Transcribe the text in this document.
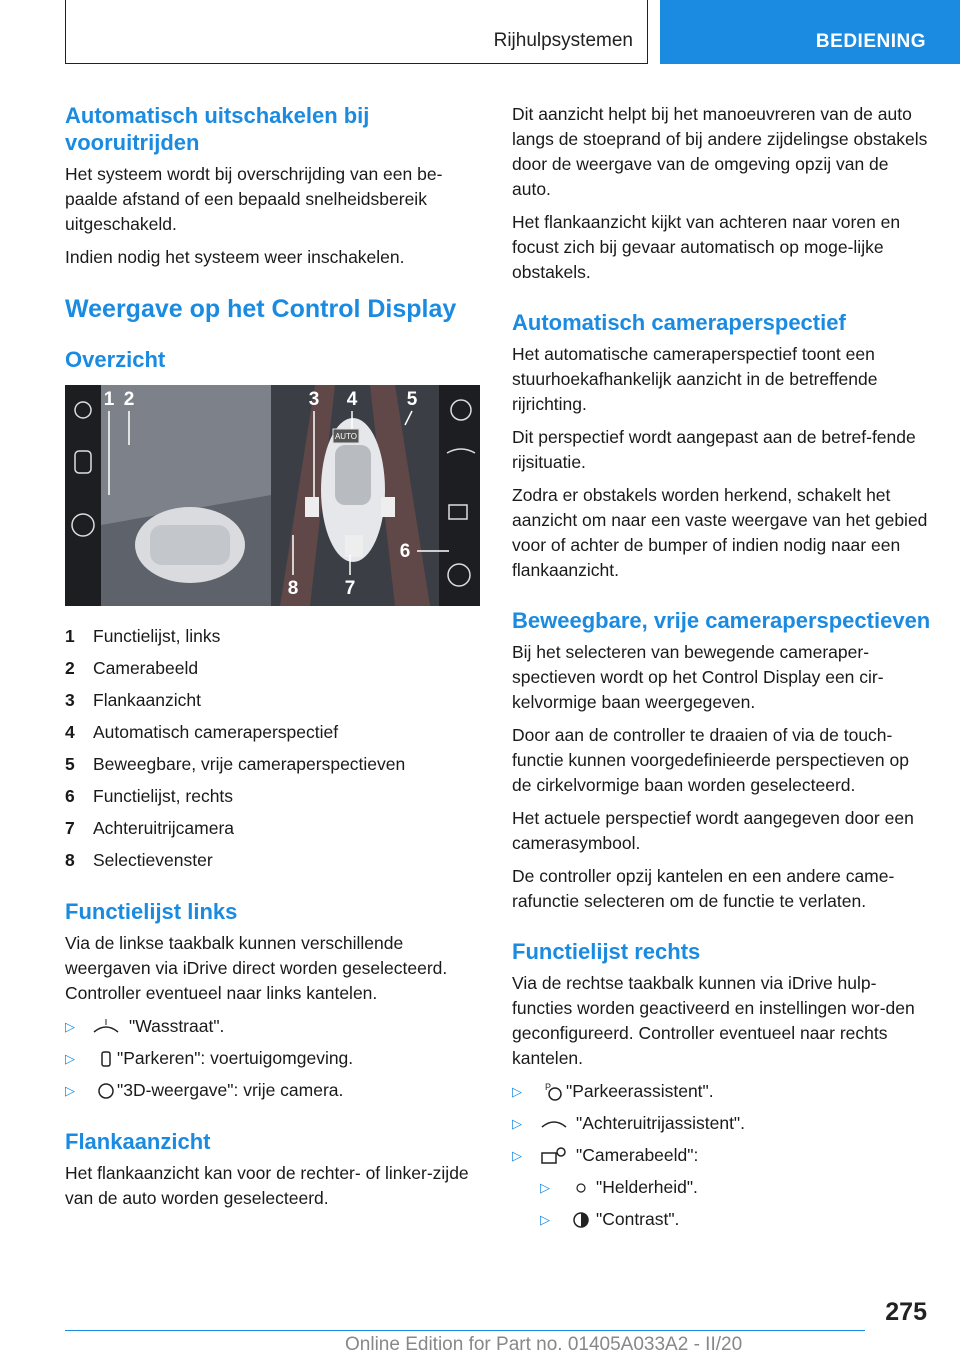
Rijhulpsystemen	BEDIENING
Automatisch uitschakelen bij vooruitrijden

Het systeem wordt bij overschrijding van een be-paalde afstand of een bepaald snelheidsbereik uitgeschakeld.

Indien nodig het systeem weer inschakelen.

Weergave op het Control Display
Overzicht
AUTO
1 2	3 4	5
6
7
8
1	Functielijst, links
2	Camerabeeld
3	Flankaanzicht
4	Automatisch cameraperspectief
5	Beweegbare, vrije cameraperspectieven
6	Functielijst, rechts
7	Achteruitrijcamera
8	Selectievenster
Functielijst links

Via de linkse taakbalk kunnen verschillende weergaven via iDrive direct worden geselecteerd. Controller eventueel naar links kantelen.

▷	"Wasstraat".
▷	"Parkeren": voertuigomgeving.
▷	"3D-weergave": vrije camera.
Flankaanzicht

Het flankaanzicht kan voor de rechter- of linker-zijde van de auto worden geselecteerd.

Dit aanzicht helpt bij het manoeuvreren van de auto langs de stoeprand of bij andere zijdelingse obstakels door de weergave van de omgeving opzij van de auto.

Het flankaanzicht kijkt van achteren naar voren en focust zich bij gevaar automatisch op moge-lijke obstakels.

Automatisch cameraperspectief

Het automatische cameraperspectief toont een stuurhoekafhankelijk aanzicht in de betreffende rijrichting.

Dit perspectief wordt aangepast aan de betref-fende rijsituatie.

Zodra er obstakels worden herkend, schakelt het aanzicht om naar een vaste weergave van het gebied voor of achter de bumper of indien nodig naar een flankaanzicht.

Beweegbare, vrije cameraperspectieven

Bij het selecteren van bewegende cameraper-spectieven wordt op het Control Display een cir-kelvormige baan weergegeven.

Door aan de controller te draaien of via de touch-functie kunnen voorgedefinieerde perspectieven op de cirkelvormige baan worden geselecteerd.

Het actuele perspectief wordt aangegeven door een camerasymbool.

De controller opzij kantelen en een andere came-rafunctie selecteren om de functie te verlaten.

Functielijst rechts

Via de rechtse taakbalk kunnen via iDrive hulp-functies worden geactiveerd en instellingen wor-den geconfigureerd. Controller eventueel naar rechts kantelen.

▷	P "Parkeerassistent".
▷	"Achteruitrijassistent".
▷	"Camerabeeld":
▷	"Helderheid".
▷	"Contrast".
275
Online Edition for Part no. 01405A033A2 - II/20
